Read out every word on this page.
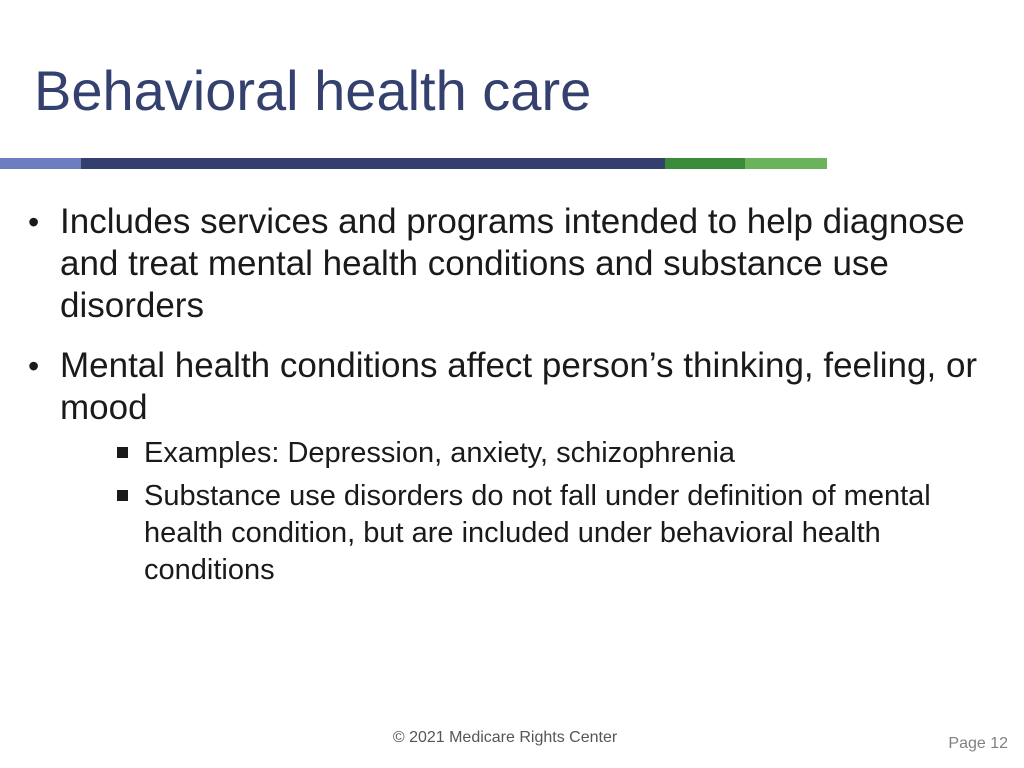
Behavioral health care
• Includes services and programs intended to help diagnose and treat mental health conditions and substance use disorders
• Mental health conditions affect person’s thinking, feeling, or mood
Examples: Depression, anxiety, schizophrenia
Substance use disorders do not fall under definition of mental health condition, but are included under behavioral health conditions
© 2021 Medicare Rights Center	Page 12
